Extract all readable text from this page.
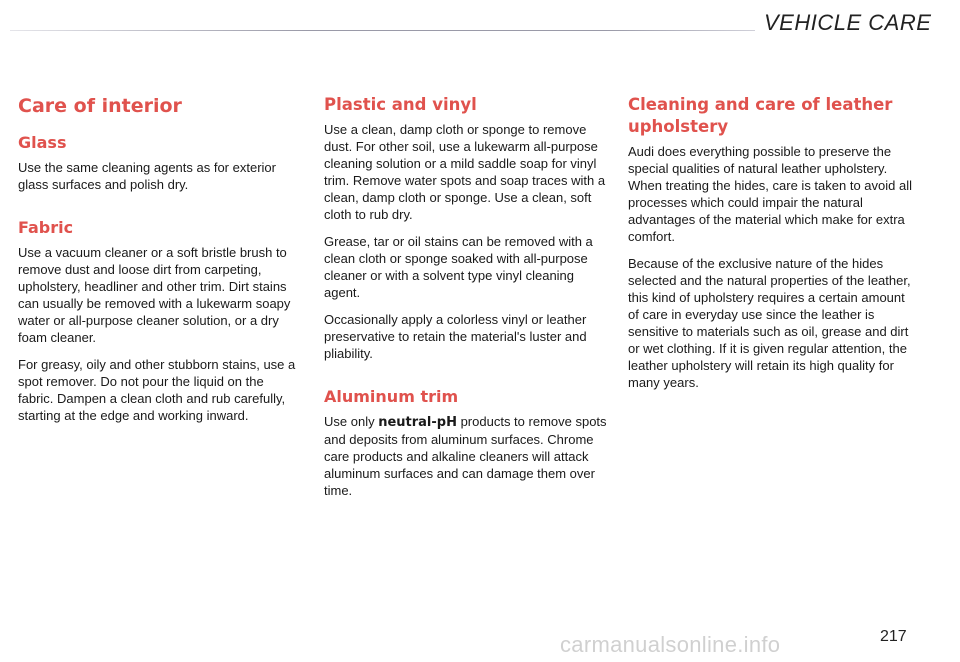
VEHICLE CARE
Care of interior
Glass

Use the same cleaning agents as for exterior glass surfaces and polish dry.

Fabric

Use a vacuum cleaner or a soft bristle brush to remove dust and loose dirt from carpeting, upholstery, headliner and other trim. Dirt stains can usually be removed with a lukewarm soapy water or all-purpose cleaner solution, or a dry foam cleaner.

For greasy, oily and other stubborn stains, use a spot remover. Do not pour the liquid on the fabric. Dampen a clean cloth and rub carefully, starting at the edge and working inward.

Plastic and vinyl

Use a clean, damp cloth or sponge to remove dust. For other soil, use a lukewarm all-purpose cleaning solution or a mild saddle soap for vinyl trim. Remove water spots and soap traces with a clean, damp cloth or sponge. Use a clean, soft cloth to rub dry.

Grease, tar or oil stains can be removed with a clean cloth or sponge soaked with all-purpose cleaner or with a solvent type vinyl cleaning agent.

Occasionally apply a colorless vinyl or leather preservative to retain the material's luster and pliability.

Aluminum trim

Use only neutral-pH products to remove spots and deposits from aluminum surfaces. Chrome care products and alkaline cleaners will attack aluminum surfaces and can damage them over time.

Cleaning and care of leather upholstery

Audi does everything possible to preserve the special qualities of natural leather upholstery. When treating the hides, care is taken to avoid all processes which could impair the natural advantages of the material which make for extra comfort.

Because of the exclusive nature of the hides selected and the natural properties of the leather, this kind of upholstery requires a certain amount of care in everyday use since the leather is sensitive to materials such as oil, grease and dirt or wet clothing. If it is given regular attention, the leather upholstery will retain its high quality for many years.

carmanualsonline.info	217
